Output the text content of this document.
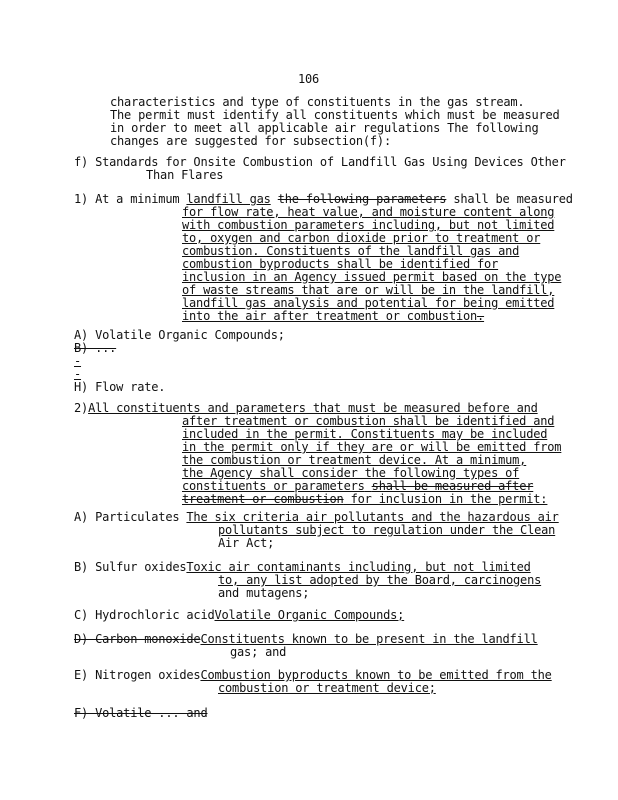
106
characteristics and type of constituents in the gas stream.
The permit must identify all constituents which must be measured
in order to meet all applicable air regulations The following
changes are suggested for subsection(f):
f) Standards for Onsite Combustion of Landfill Gas Using Devices Other
Than Flares
1) At a minimum landfill gas the following parameters shall be measured
for flow rate, heat value, and moisture content along
with combustion parameters including, but not limited
to, oxygen and carbon dioxide prior to treatment or
combustion. Constituents of the landfill gas and
combustion byproducts shall be identified for
inclusion in an Agency issued permit based on the type
of waste streams that are or will be in the landfill,
landfill gas analysis and potential for being emitted
into the air after treatment or combustion.
A) Volatile Organic Compounds;
B) ...
-
-
H) Flow rate.
2)All constituents and parameters that must be measured before and
after treatment or combustion shall be identified and
included in the permit. Constituents may be included
in the permit only if they are or will be emitted from
the combustion or treatment device. At a minimum,
the Agency shall consider the following types of
constituents or parameters shall be measured after
treatment or combustion for inclusion in the permit:
A) Particulates The six criteria air pollutants and the hazardous air
pollutants subject to regulation under the Clean
Air Act;
B) Sulfur oxidesToxic air contaminants including, but not limited
to, any list adopted by the Board, carcinogens
and mutagens;
C) Hydrochloric acidVolatile Organic Compounds;
D) Carbon monoxideConstituents known to be present in the landfill
gas; and
E) Nitrogen oxidesCombustion byproducts known to be emitted from the
combustion or treatment device;
F) Volatile ... and
